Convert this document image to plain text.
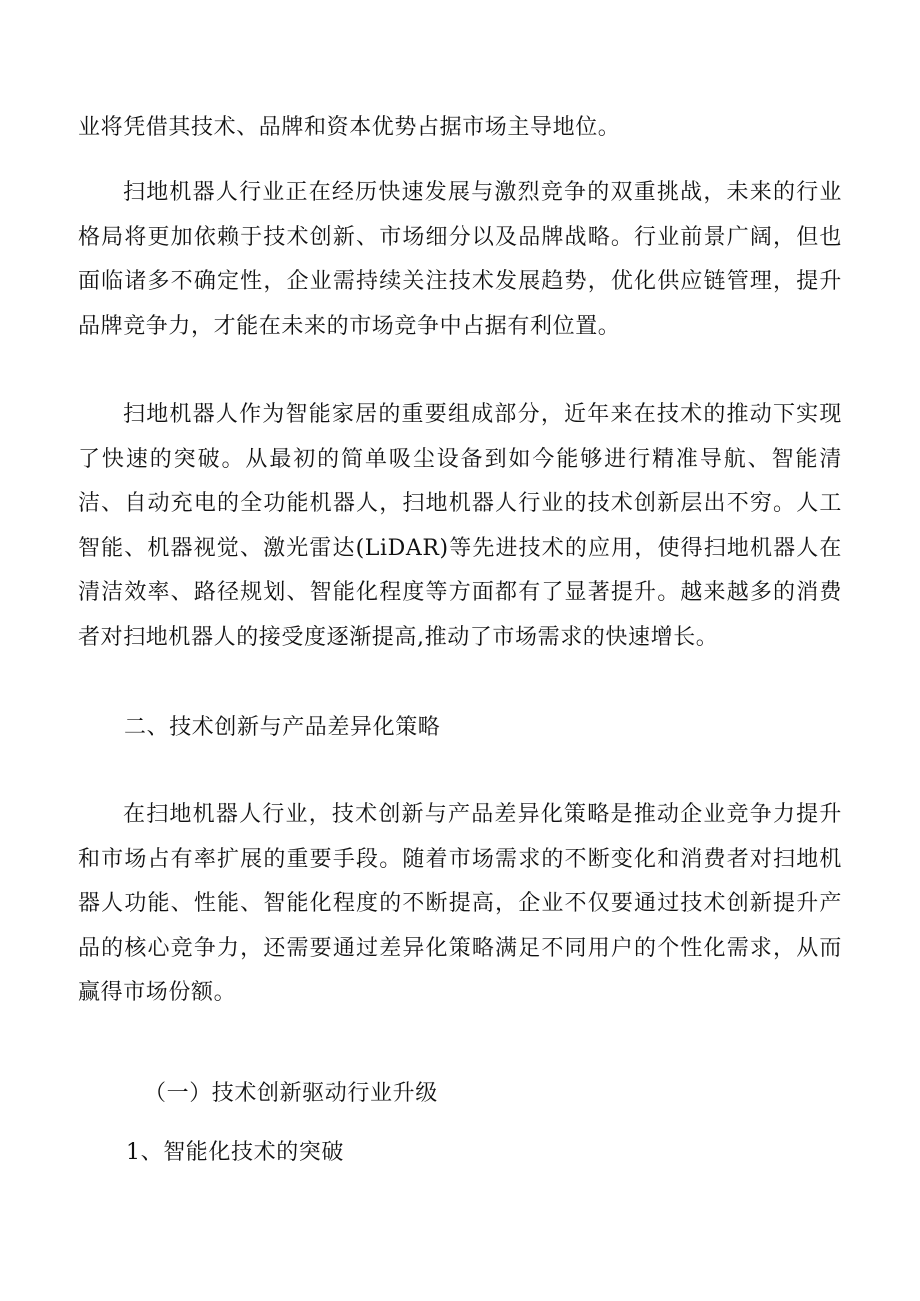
业将凭借其技术、品牌和资本优势占据市场主导地位。

扫地机器人行业正在经历快速发展与激烈竞争的双重挑战，未来的行业格局将更加依赖于技术创新、市场细分以及品牌战略。行业前景广阔，但也面临诸多不确定性，企业需持续关注技术发展趋势，优化供应链管理，提升品牌竞争力，才能在未来的市场竞争中占据有利位置。

扫地机器人作为智能家居的重要组成部分，近年来在技术的推动下实现了快速的突破。从最初的简单吸尘设备到如今能够进行精准导航、智能清洁、自动充电的全功能机器人，扫地机器人行业的技术创新层出不穷。人工智能、机器视觉、激光雷达(LiDAR)等先进技术的应用，使得扫地机器人在清洁效率、路径规划、智能化程度等方面都有了显著提升。越来越多的消费者对扫地机器人的接受度逐渐提高,推动了市场需求的快速增长。

二、技术创新与产品差异化策略

在扫地机器人行业，技术创新与产品差异化策略是推动企业竞争力提升和市场占有率扩展的重要手段。随着市场需求的不断变化和消费者对扫地机器人功能、性能、智能化程度的不断提高，企业不仅要通过技术创新提升产品的核心竞争力，还需要通过差异化策略满足不同用户的个性化需求，从而赢得市场份额。

（一）技术创新驱动行业升级

1、智能化技术的突破
